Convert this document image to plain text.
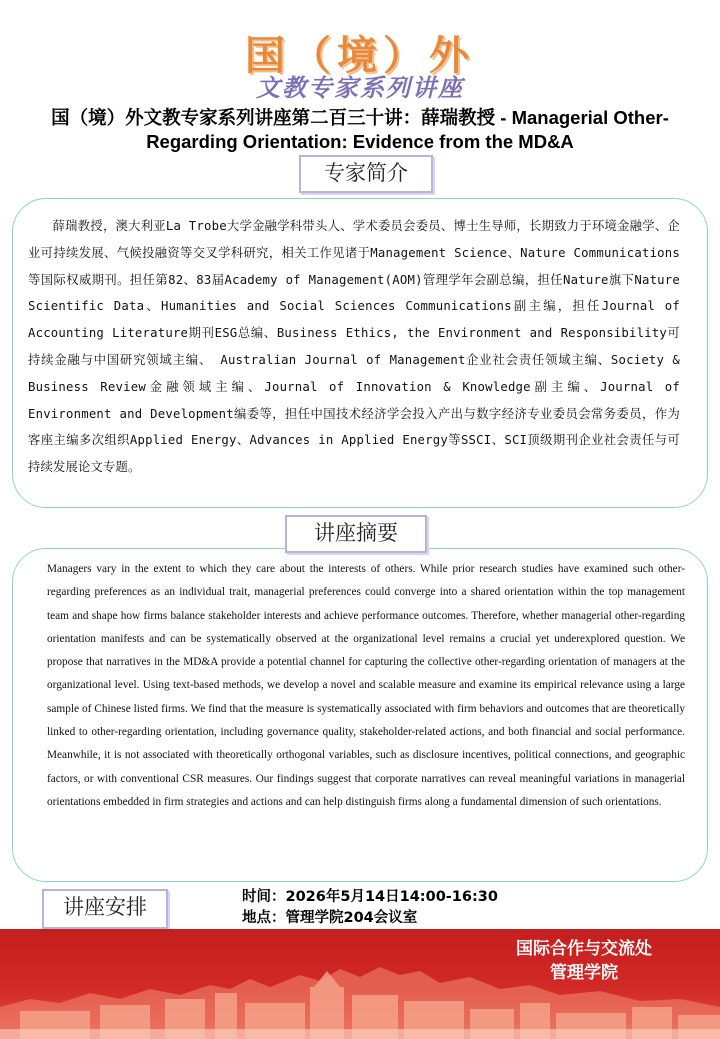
国（境）外
文教专家系列讲座
国（境）外文教专家系列讲座第二百三十讲：薛瑞教授 - Managerial Other-Regarding Orientation: Evidence from the MD&A
专家简介
薛瑞教授，澳大利亚La Trobe大学金融学科带头人、学术委员会委员、博士生导师，长期致力于环境金融学、企业可持续发展、气候投融资等交叉学科研究，相关工作见诸于Management Science、Nature Communications等国际权威期刊。担任第82、83届Academy of Management(AOM)管理学年会副总编，担任Nature旗下Nature Scientific Data、Humanities and Social Sciences Communications副主编，担任Journal of Accounting Literature期刊ESG总编、Business Ethics, the Environment and Responsibility可持续金融与中国研究领域主编、 Australian Journal of Management企业社会责任领域主编、Society & Business Review金融领域主编、Journal of Innovation & Knowledge副主编、Journal of Environment and Development编委等，担任中国技术经济学会投入产出与数字经济专业委员会常务委员，作为客座主编多次组织Applied Energy、Advances in Applied Energy等SSCI、SCI顶级期刊企业社会责任与可持续发展论文专题。
讲座摘要
Managers vary in the extent to which they care about the interests of others. While prior research studies have examined such other-regarding preferences as an individual trait, managerial preferences could converge into a shared orientation within the top management team and shape how firms balance stakeholder interests and achieve performance outcomes. Therefore, whether managerial other-regarding orientation manifests and can be systematically observed at the organizational level remains a crucial yet underexplored question. We propose that narratives in the MD&A provide a potential channel for capturing the collective other-regarding orientation of managers at the organizational level. Using text-based methods, we develop a novel and scalable measure and examine its empirical relevance using a large sample of Chinese listed firms. We find that the measure is systematically associated with firm behaviors and outcomes that are theoretically linked to other-regarding orientation, including governance quality, stakeholder-related actions, and both financial and social performance. Meanwhile, it is not associated with theoretically orthogonal variables, such as disclosure incentives, political connections, and geographic factors, or with conventional CSR measures. Our findings suggest that corporate narratives can reveal meaningful variations in managerial orientations embedded in firm strategies and actions and can help distinguish firms along a fundamental dimension of such orientations.
讲座安排	时间：2026年5月14日14:00-16:30
地点：管理学院204会议室
国际合作与交流处
管理学院
